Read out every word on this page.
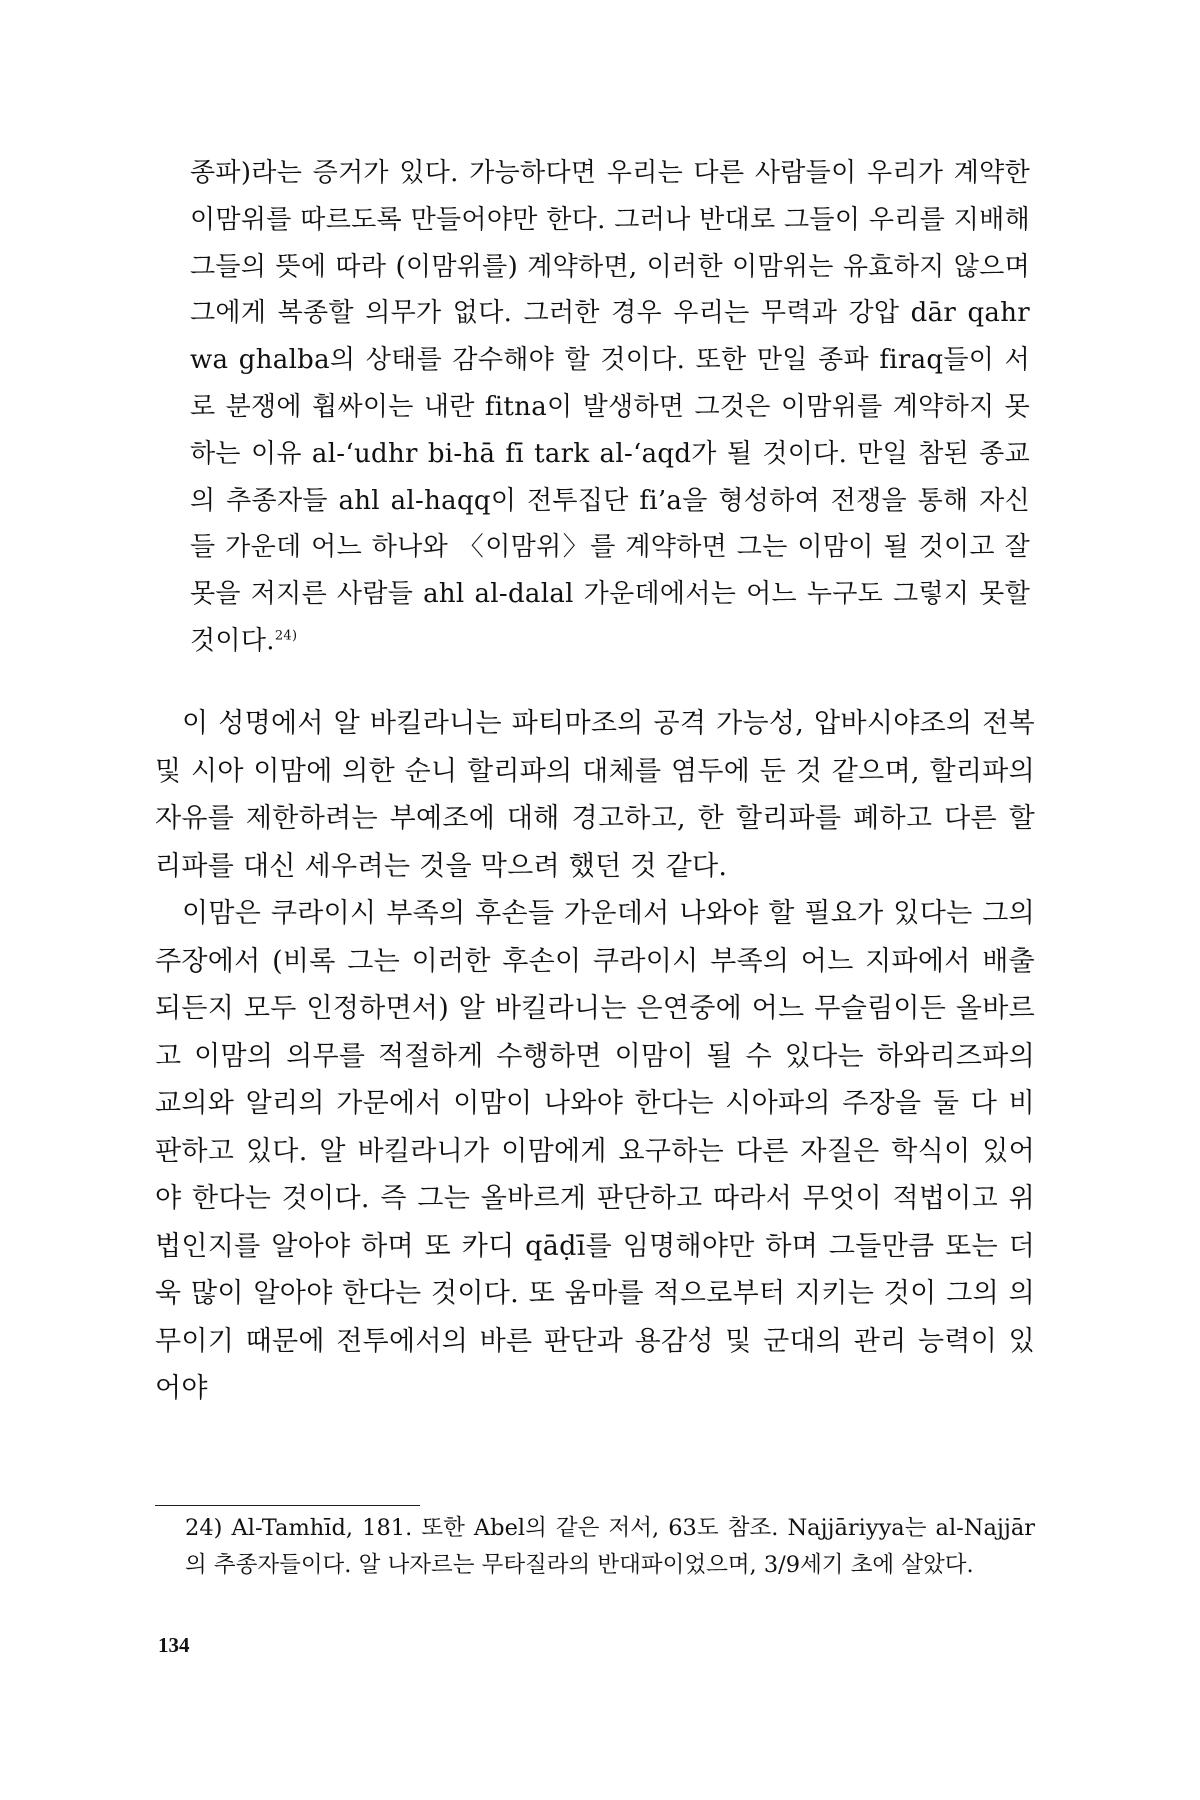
종파)라는 증거가 있다. 가능하다면 우리는 다른 사람들이 우리가 계약한 이맘위를 따르도록 만들어야만 한다. 그러나 반대로 그들이 우리를 지배해 그들의 뜻에 따라 (이맘위를) 계약하면, 이러한 이맘위는 유효하지 않으며 그에게 복종할 의무가 없다. 그러한 경우 우리는 무력과 강압 dār qahr wa ghalba의 상태를 감수해야 할 것이다. 또한 만일 종파 firaq들이 서로 분쟁에 휩싸이는 내란 fitna이 발생하면 그것은 이맘위를 계약하지 못하는 이유 al-‘udhr bi-hā fī tark al-‘aqd가 될 것이다. 만일 참된 종교의 추종자들 ahl al-haqq이 전투집단 fi’a을 형성하여 전쟁을 통해 자신들 가운데 어느 하나와 〈이맘위〉를 계약하면 그는 이맘이 될 것이고 잘못을 저지른 사람들 ahl al-dalal 가운데에서는 어느 누구도 그렇지 못할 것이다.$^{24)}$

이 성명에서 알 바킬라니는 파티마조의 공격 가능성, 압바시야조의 전복 및 시아 이맘에 의한 순니 할리파의 대체를 염두에 둔 것 같으며, 할리파의 자유를 제한하려는 부예조에 대해 경고하고, 한 할리파를 폐하고 다른 할리파를 대신 세우려는 것을 막으려 했던 것 같다.

이맘은 쿠라이시 부족의 후손들 가운데서 나와야 할 필요가 있다는 그의 주장에서 (비록 그는 이러한 후손이 쿠라이시 부족의 어느 지파에서 배출되든지 모두 인정하면서) 알 바킬라니는 은연중에 어느 무슬림이든 올바르고 이맘의 의무를 적절하게 수행하면 이맘이 될 수 있다는 하와리즈파의 교의와 알리의 가문에서 이맘이 나와야 한다는 시아파의 주장을 둘 다 비판하고 있다. 알 바킬라니가 이맘에게 요구하는 다른 자질은 학식이 있어야 한다는 것이다. 즉 그는 올바르게 판단하고 따라서 무엇이 적법이고 위법인지를 알아야 하며 또 카디 qāḍī를 임명해야만 하며 그들만큼 또는 더욱 많이 알아야 한다는 것이다. 또 움마를 적으로부터 지키는 것이 그의 의무이기 때문에 전투에서의 바른 판단과 용감성 및 군대의 관리 능력이 있어야

24) Al-Tamhīd, 181. 또한 Abel의 같은 저서, 63도 참조. Najjāriyya는 al-Najjār의 추종자들이다. 알 나자르는 무타질라의 반대파이었으며, 3/9세기 초에 살았다.

134
